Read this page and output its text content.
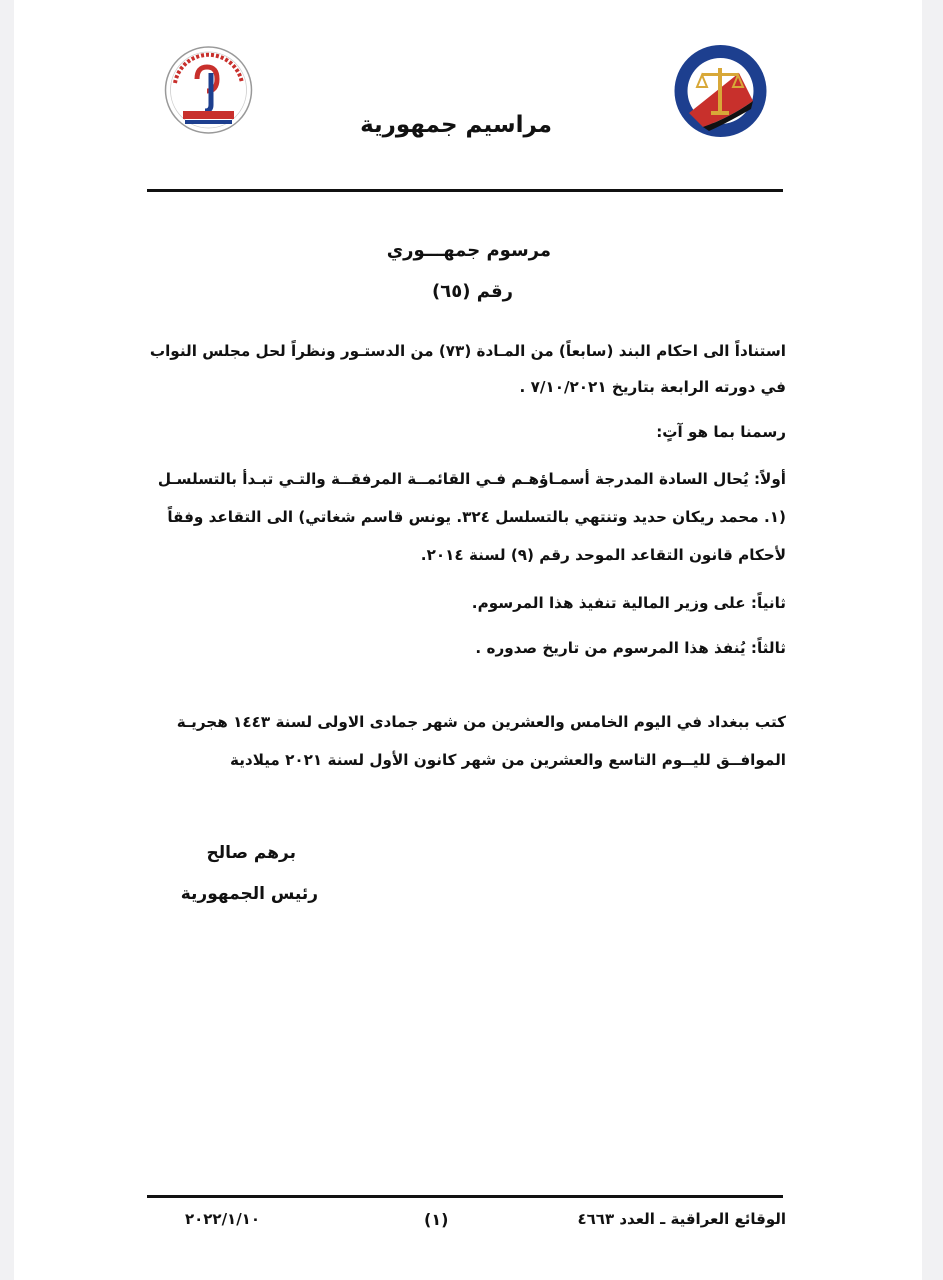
مراسيم جمهورية
مرسوم جمهـــوري
رقم (٦٥)
استناداً الى احكام البند (سابعاً) من المـادة (٧٣) من الدستـور ونظراً لحل مجلس النواب
في دورته الرابعة بتاريخ ٧/١٠/٢٠٢١ .
رسمنا بما هو آتٍ:
أولاً: يُحال السادة المدرجة أسمـاؤهـم فـي القائمــة المرفقــة والتـي تبـدأ بالتسلسـل
(١. محمد ريكان حديد وتنتهي بالتسلسل ٣٢٤. يونس قاسم شغاتي) الى التقاعد وفقاً
لأحكام قانون التقاعد الموحد رقم (٩) لسنة ٢٠١٤.
ثانياً: على وزير المالية تنفيذ هذا المرسوم.
ثالثاً: يُنفذ هذا المرسوم من تاريخ صدوره .
كتب ببغداد في اليوم الخامس والعشرين من شهر جمادى الاولى لسنة ١٤٤٣ هجريـة
الموافــق لليــوم التاسع والعشرين من شهر كانون الأول لسنة ٢٠٢١ ميلادية
برهم صالح
رئيس الجمهورية
الوقائع العراقية ـ العدد ٤٦٦٣
(١)
٢٠٢٢/١/١٠
